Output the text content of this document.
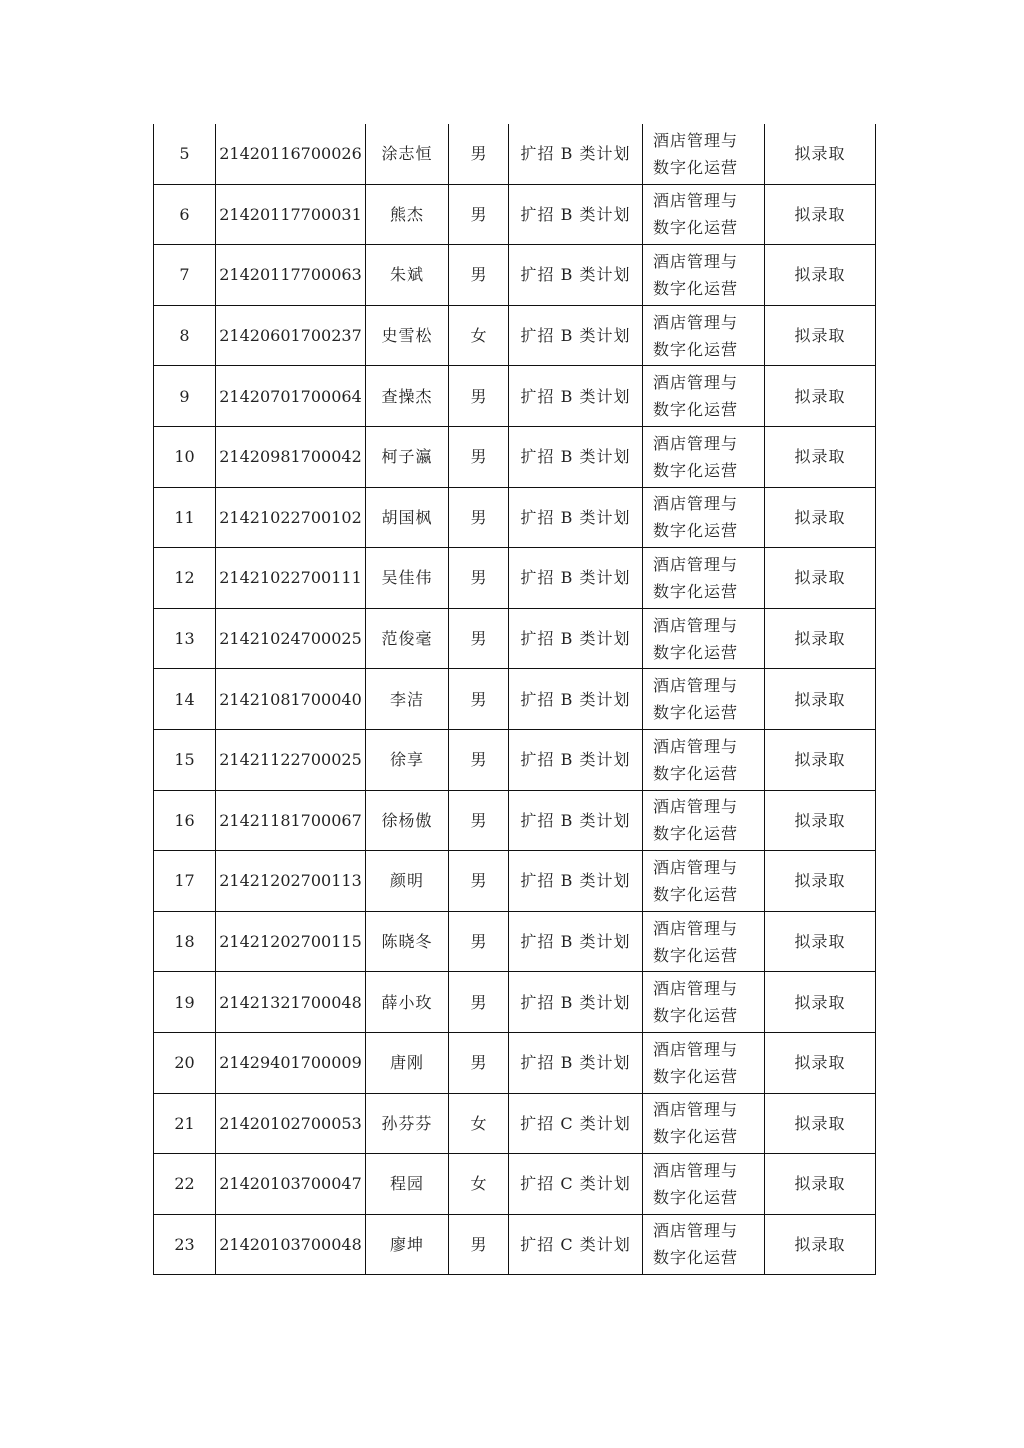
5	21420116700026	涂志恒	男	扩招 B 类计划	酒店管理与
数字化运营	拟录取
6	21420117700031	熊杰	男	扩招 B 类计划	酒店管理与
数字化运营	拟录取
7	21420117700063	朱斌	男	扩招 B 类计划	酒店管理与
数字化运营	拟录取
8	21420601700237	史雪松	女	扩招 B 类计划	酒店管理与
数字化运营	拟录取
9	21420701700064	查操杰	男	扩招 B 类计划	酒店管理与
数字化运营	拟录取
10	21420981700042	柯子瀛	男	扩招 B 类计划	酒店管理与
数字化运营	拟录取
11	21421022700102	胡国枫	男	扩招 B 类计划	酒店管理与
数字化运营	拟录取
12	21421022700111	吴佳伟	男	扩招 B 类计划	酒店管理与
数字化运营	拟录取
13	21421024700025	范俊毫	男	扩招 B 类计划	酒店管理与
数字化运营	拟录取
14	21421081700040	李洁	男	扩招 B 类计划	酒店管理与
数字化运营	拟录取
15	21421122700025	徐享	男	扩招 B 类计划	酒店管理与
数字化运营	拟录取
16	21421181700067	徐杨傲	男	扩招 B 类计划	酒店管理与
数字化运营	拟录取
17	21421202700113	颜明	男	扩招 B 类计划	酒店管理与
数字化运营	拟录取
18	21421202700115	陈晓冬	男	扩招 B 类计划	酒店管理与
数字化运营	拟录取
19	21421321700048	薛小玫	男	扩招 B 类计划	酒店管理与
数字化运营	拟录取
20	21429401700009	唐刚	男	扩招 B 类计划	酒店管理与
数字化运营	拟录取
21	21420102700053	孙芬芬	女	扩招 C 类计划	酒店管理与
数字化运营	拟录取
22	21420103700047	程园	女	扩招 C 类计划	酒店管理与
数字化运营	拟录取
23	21420103700048	廖坤	男	扩招 C 类计划	酒店管理与
数字化运营	拟录取
